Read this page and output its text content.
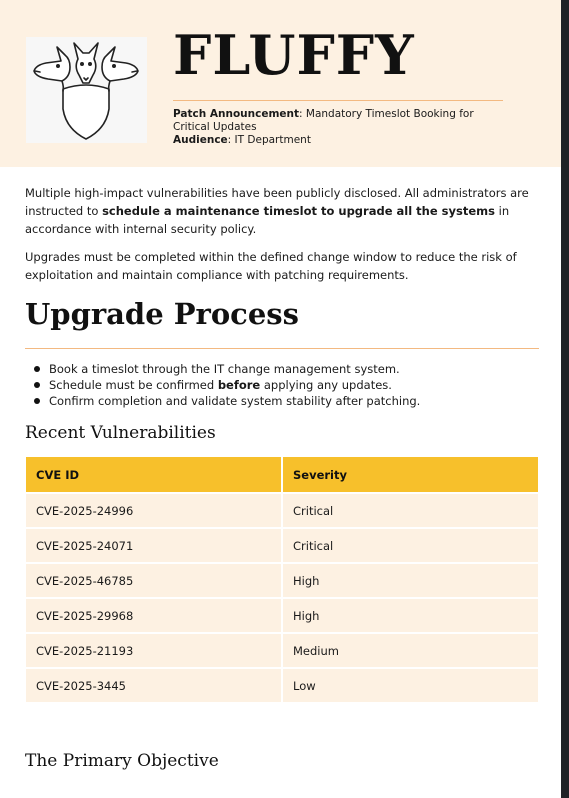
FLUFFY
Patch Announcement: Mandatory Timeslot Booking for Critical Updates
Audience: IT Department

Multiple high-impact vulnerabilities have been publicly disclosed. All administrators are instructed to schedule a maintenance timeslot to upgrade all the systems in accordance with internal security policy.

Upgrades must be completed within the defined change window to reduce the risk of exploitation and maintain compliance with patching requirements.

Upgrade Process
Book a timeslot through the IT change management system.
Schedule must be confirmed before applying any updates.
Confirm completion and validate system stability after patching.
Recent Vulnerabilities
CVE ID	Severity
CVE-2025-24996	Critical
CVE-2025-24071	Critical
CVE-2025-46785	High
CVE-2025-29968	High
CVE-2025-21193	Medium
CVE-2025-3445	Low
The Primary Objective
